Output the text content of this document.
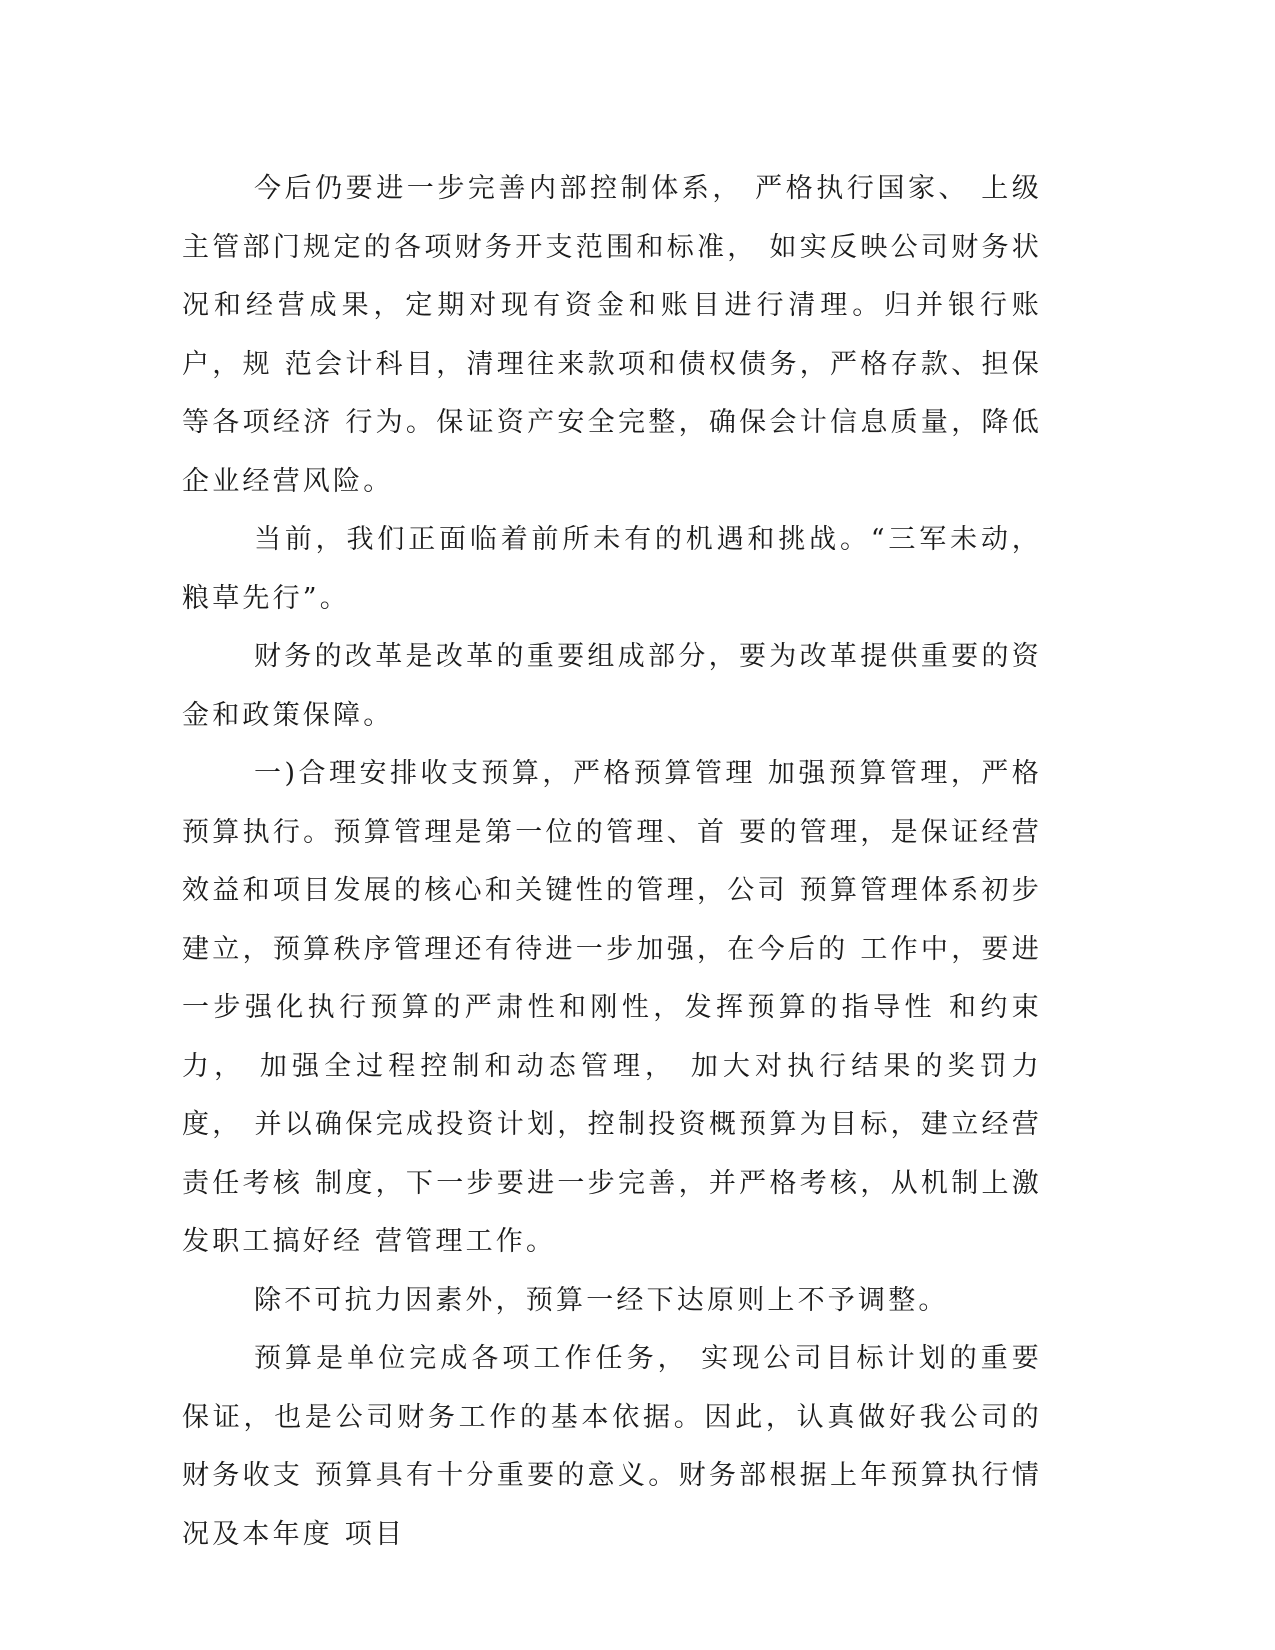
今后仍要进一步完善内部控制体系， 严格执行国家、 上级主管部门规定的各项财务开支范围和标准， 如实反映公司财务状 况和经营成果，定期对现有资金和账目进行清理。归并银行账户，规 范会计科目，清理往来款项和债权债务，严格存款、担保等各项经济 行为。保证资产安全完整，确保会计信息质量，降低企业经营风险。

当前，我们正面临着前所未有的机遇和挑战。“三军未动，粮草先行”。

财务的改革是改革的重要组成部分，要为改革提供重要的资 金和政策保障。

一)合理安排收支预算，严格预算管理 加强预算管理，严格预算执行。预算管理是第一位的管理、首 要的管理，是保证经营效益和项目发展的核心和关键性的管理，公司 预算管理体系初步建立，预算秩序管理还有待进一步加强，在今后的 工作中，要进一步强化执行预算的严肃性和刚性，发挥预算的指导性 和约束力， 加强全过程控制和动态管理， 加大对执行结果的奖罚力度， 并以确保完成投资计划，控制投资概预算为目标，建立经营责任考核 制度，下一步要进一步完善，并严格考核，从机制上激发职工搞好经 营管理工作。

除不可抗力因素外，预算一经下达原则上不予调整。

预算是单位完成各项工作任务， 实现公司目标计划的重要保证，也是公司财务工作的基本依据。因此，认真做好我公司的财务收支 预算具有十分重要的意义。财务部根据上年预算执行情况及本年度 项目
